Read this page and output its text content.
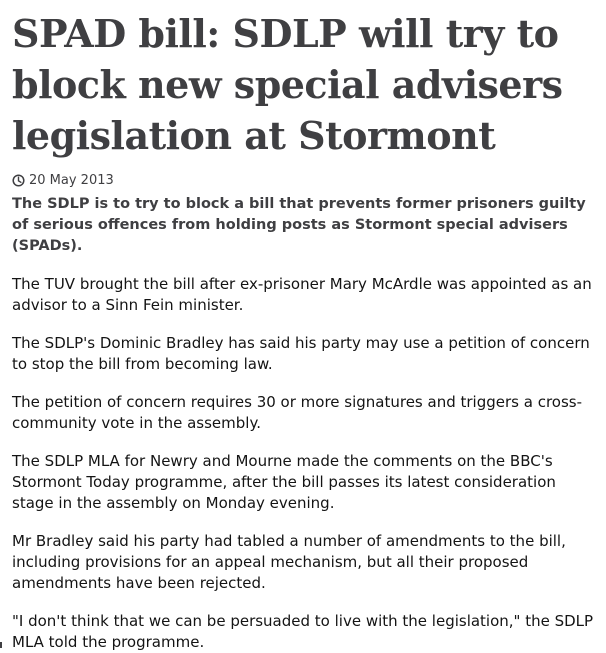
SPAD bill: SDLP will try to block new special advisers legislation at Stormont
20 May 2013

The SDLP is to try to block a bill that prevents former prisoners guilty of serious offences from holding posts as Stormont special advisers (SPADs).

The TUV brought the bill after ex-prisoner Mary McArdle was appointed as an advisor to a Sinn Fein minister.

The SDLP's Dominic Bradley has said his party may use a petition of concern to stop the bill from becoming law.

The petition of concern requires 30 or more signatures and triggers a cross-community vote in the assembly.

The SDLP MLA for Newry and Mourne made the comments on the BBC's Stormont Today programme, after the bill passes its latest consideration stage in the assembly on Monday evening.

Mr Bradley said his party had tabled a number of amendments to the bill, including provisions for an appeal mechanism, but all their proposed amendments have been rejected.

"I don't think that we can be persuaded to live with the legislation," the SDLP MLA told the programme.
